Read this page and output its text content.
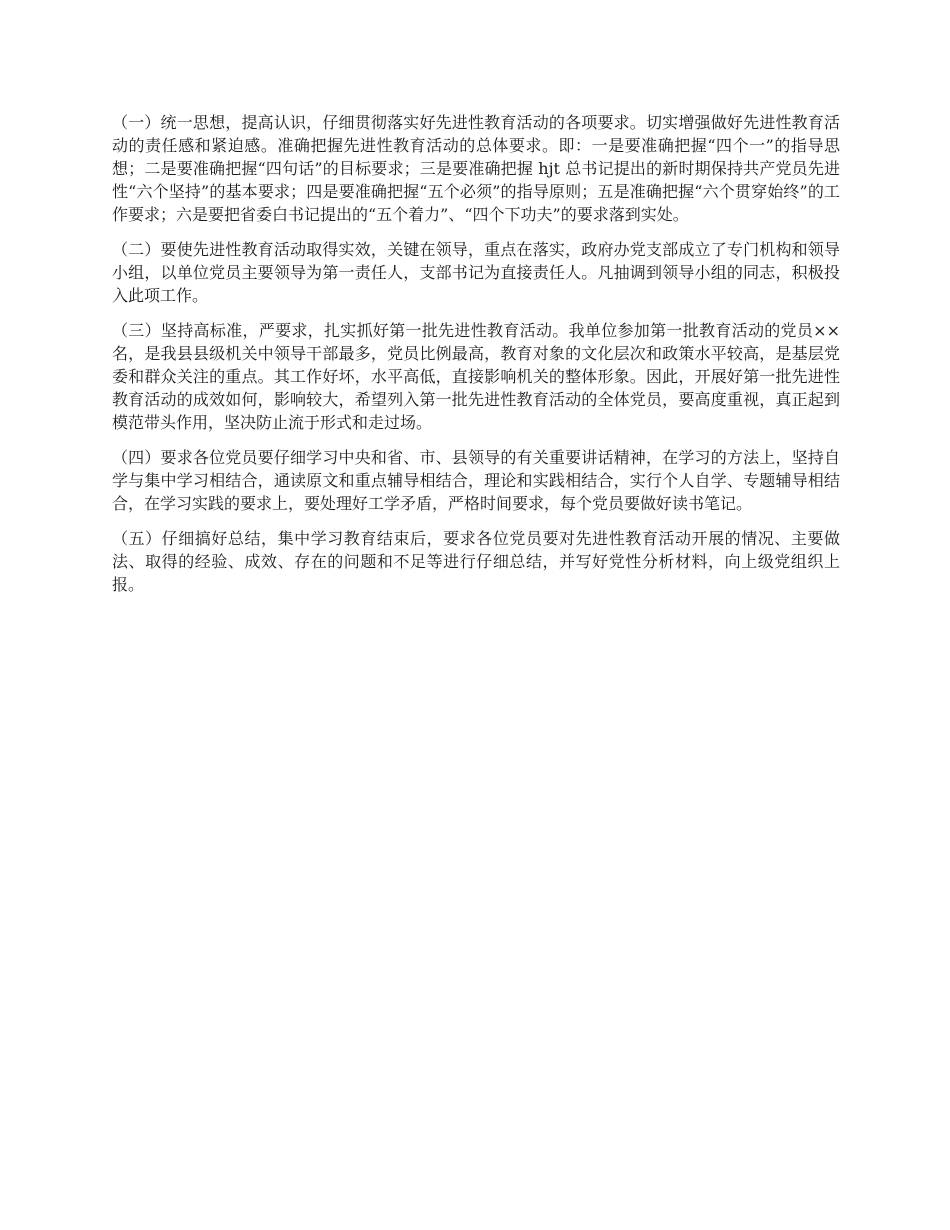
（一）统一思想，提高认识，仔细贯彻落实好先进性教育活动的各项要求。切实增强做好先进性教育活动的责任感和紧迫感。准确把握先进性教育活动的总体要求。即：一是要准确把握“四个一”的指导思想；二是要准确把握“四句话”的目标要求；三是要准确把握 hjt 总书记提出的新时期保持共产党员先进性“六个坚持”的基本要求；四是要准确把握“五个必须”的指导原则；五是准确把握“六个贯穿始终”的工作要求；六是要把省委白书记提出的“五个着力”、“四个下功夫”的要求落到实处。

（二）要使先进性教育活动取得实效，关键在领导，重点在落实，政府办党支部成立了专门机构和领导小组，以单位党员主要领导为第一责任人，支部书记为直接责任人。凡抽调到领导小组的同志，积极投入此项工作。

（三）坚持高标准，严要求，扎实抓好第一批先进性教育活动。我单位参加第一批教育活动的党员××名，是我县县级机关中领导干部最多，党员比例最高，教育对象的文化层次和政策水平较高，是基层党委和群众关注的重点。其工作好坏，水平高低，直接影响机关的整体形象。因此，开展好第一批先进性教育活动的成效如何，影响较大，希望列入第一批先进性教育活动的全体党员，要高度重视，真正起到模范带头作用，坚决防止流于形式和走过场。

（四）要求各位党员要仔细学习中央和省、市、县领导的有关重要讲话精神，在学习的方法上，坚持自学与集中学习相结合，通读原文和重点辅导相结合，理论和实践相结合，实行个人自学、专题辅导相结合，在学习实践的要求上，要处理好工学矛盾，严格时间要求，每个党员要做好读书笔记。

（五）仔细搞好总结，集中学习教育结束后，要求各位党员要对先进性教育活动开展的情况、主要做法、取得的经验、成效、存在的问题和不足等进行仔细总结，并写好党性分析材料，向上级党组织上报。
